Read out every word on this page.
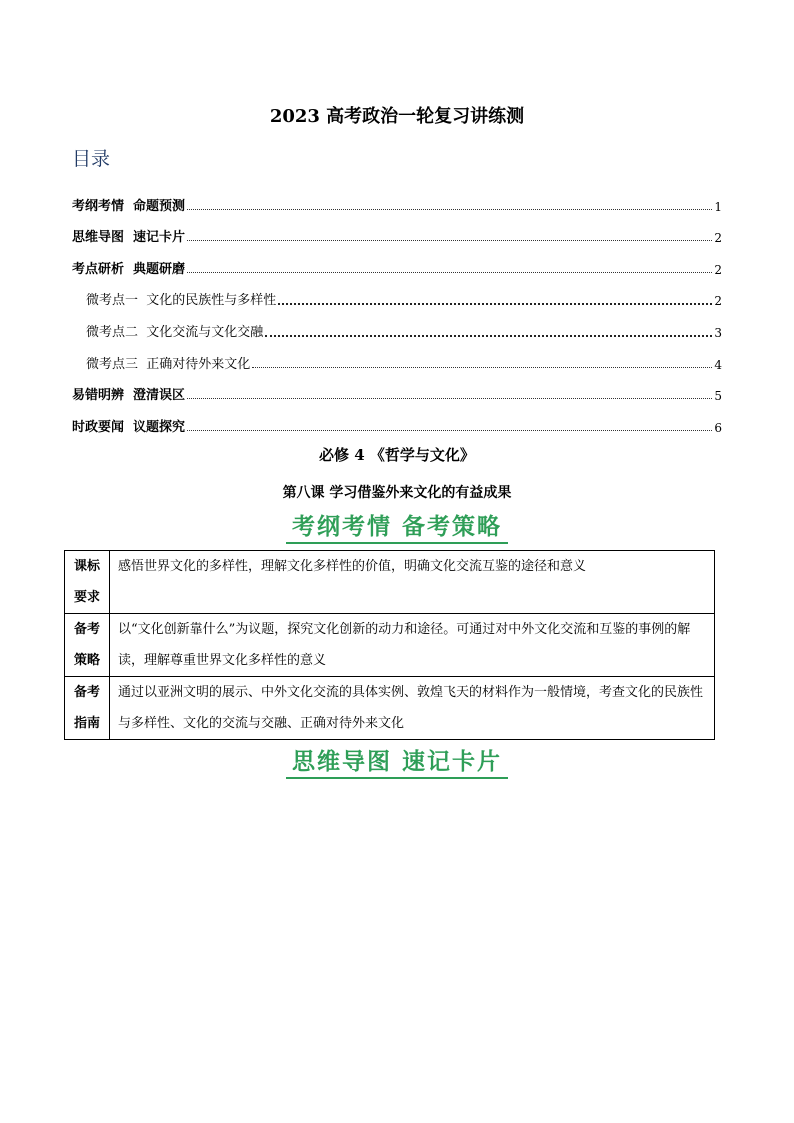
2023 高考政治一轮复习讲练测
目录
考纲考情  命题预测	1
思维导图  速记卡片	2
考点研析  典题研磨	2
微考点一  文化的民族性与多样性	2
微考点二  文化交流与文化交融	3
微考点三  正确对待外来文化	4
易错明辨  澄清误区	5
时政要闻  议题探究	6
必修 4 《哲学与文化》
第八课 学习借鉴外来文化的有益成果
考纲考情 备考策略
课标
要求	感悟世界文化的多样性，理解文化多样性的价值，明确文化交流互鉴的途径和意义

备考
策略	以“文化创新靠什么”为议题，探究文化创新的动力和途径。可通过对中外文化交流和互鉴的事例的解读，理解尊重世界文化多样性的意义

备考
指南	通过以亚洲文明的展示、中外文化交流的具体实例、敦煌飞天的材料作为一般情境，考查文化的民族性与多样性、文化的交流与交融、正确对待外来文化
思维导图 速记卡片
